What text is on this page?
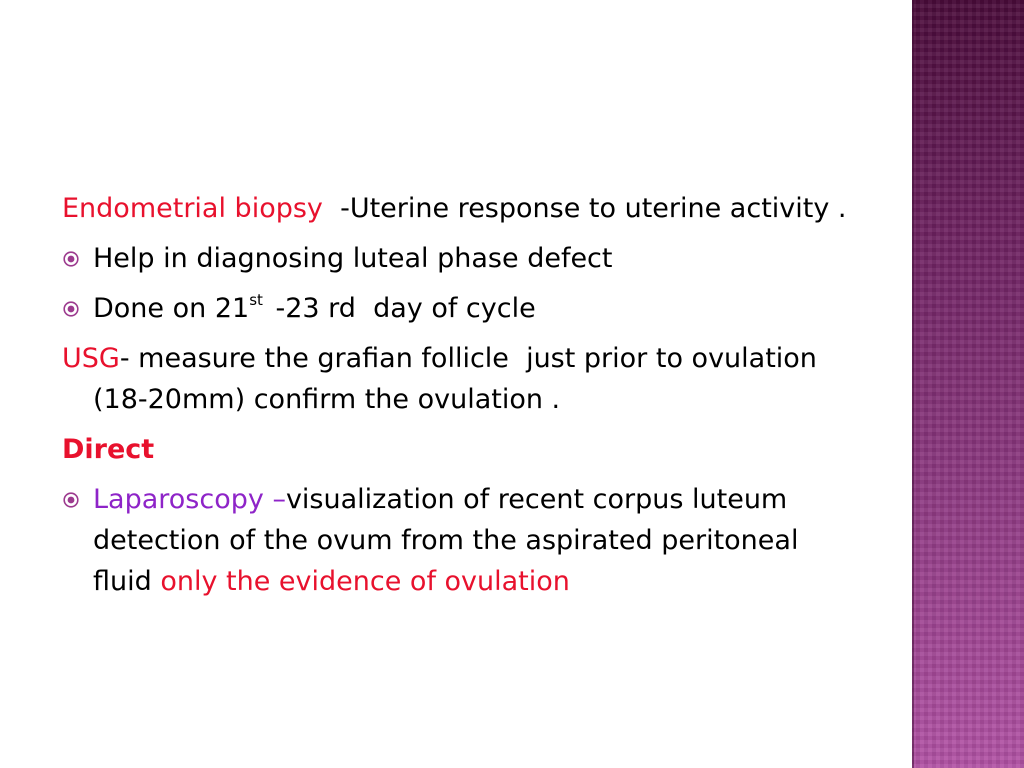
Endometrial biopsy  -Uterine response to uterine activity .

Help in diagnosing luteal phase defect
Done on 21st -23 rd  day of cycle

USG- measure the grafian follicle  just prior to ovulation (18-20mm) confirm the ovulation .

Direct

Laparoscopy –visualization of recent corpus luteum  detection of the ovum from the aspirated peritoneal fluid only the evidence of ovulation
